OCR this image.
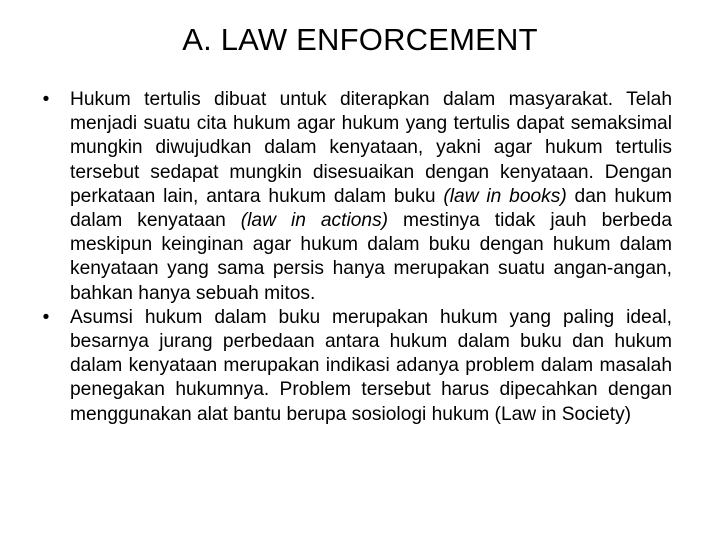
A. LAW ENFORCEMENT
•	Hukum tertulis dibuat untuk diterapkan dalam masyarakat. Telah menjadi suatu cita hukum agar hukum yang tertulis dapat semaksimal mungkin diwujudkan dalam kenyataan, yakni agar hukum tertulis tersebut sedapat mungkin disesuaikan dengan kenyataan. Dengan perkataan lain, antara hukum dalam buku (law in books) dan hukum dalam kenyataan (law in actions) mestinya tidak jauh berbeda meskipun keinginan agar hukum dalam buku dengan hukum dalam kenyataan yang sama persis hanya merupakan suatu angan-angan, bahkan hanya sebuah mitos.
•	Asumsi hukum dalam buku merupakan hukum yang paling ideal, besarnya jurang perbedaan antara hukum dalam buku dan hukum dalam kenyataan merupakan indikasi adanya problem dalam masalah penegakan hukumnya. Problem tersebut harus dipecahkan dengan menggunakan alat bantu berupa sosiologi hukum (Law in Society)
